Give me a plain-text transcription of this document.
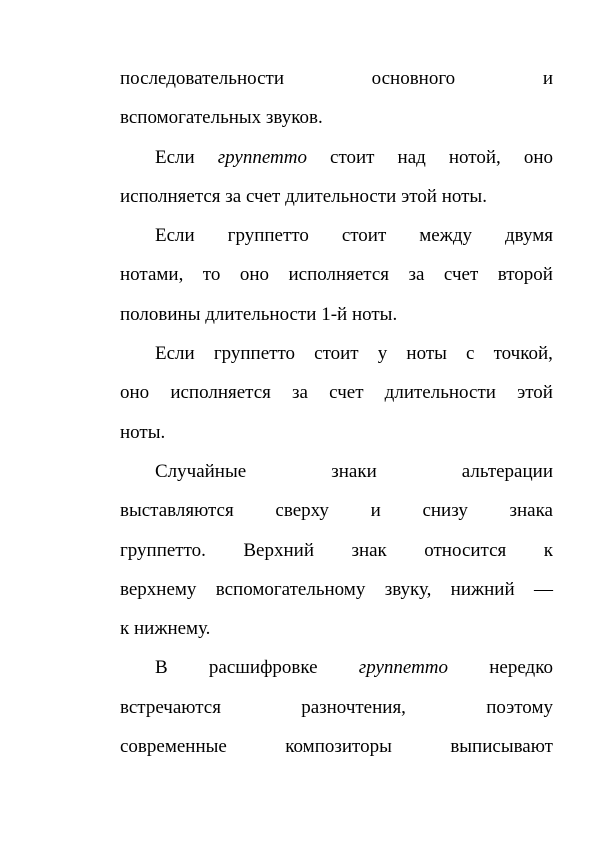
последовательности	основного	и
вспомогательных звуков.
Если группетто стоит над нотой, оно
исполняется за счет длительности этой ноты.
Если группетто стоит между двумя
нотами, то оно исполняется за счет второй
половины длительности 1-й ноты.
Если группетто стоит у ноты с точкой,
оно исполняется за счет длительности этой
ноты.
Случайные	знаки	альтерации
выставляются сверху и снизу знака
группетто. Верхний знак относится к
верхнему вспомогательному звуку, нижний —
к нижнему.
В расшифровке группетто нередко
встречаются	разночтения,	поэтому
современные	композиторы	выписывают
